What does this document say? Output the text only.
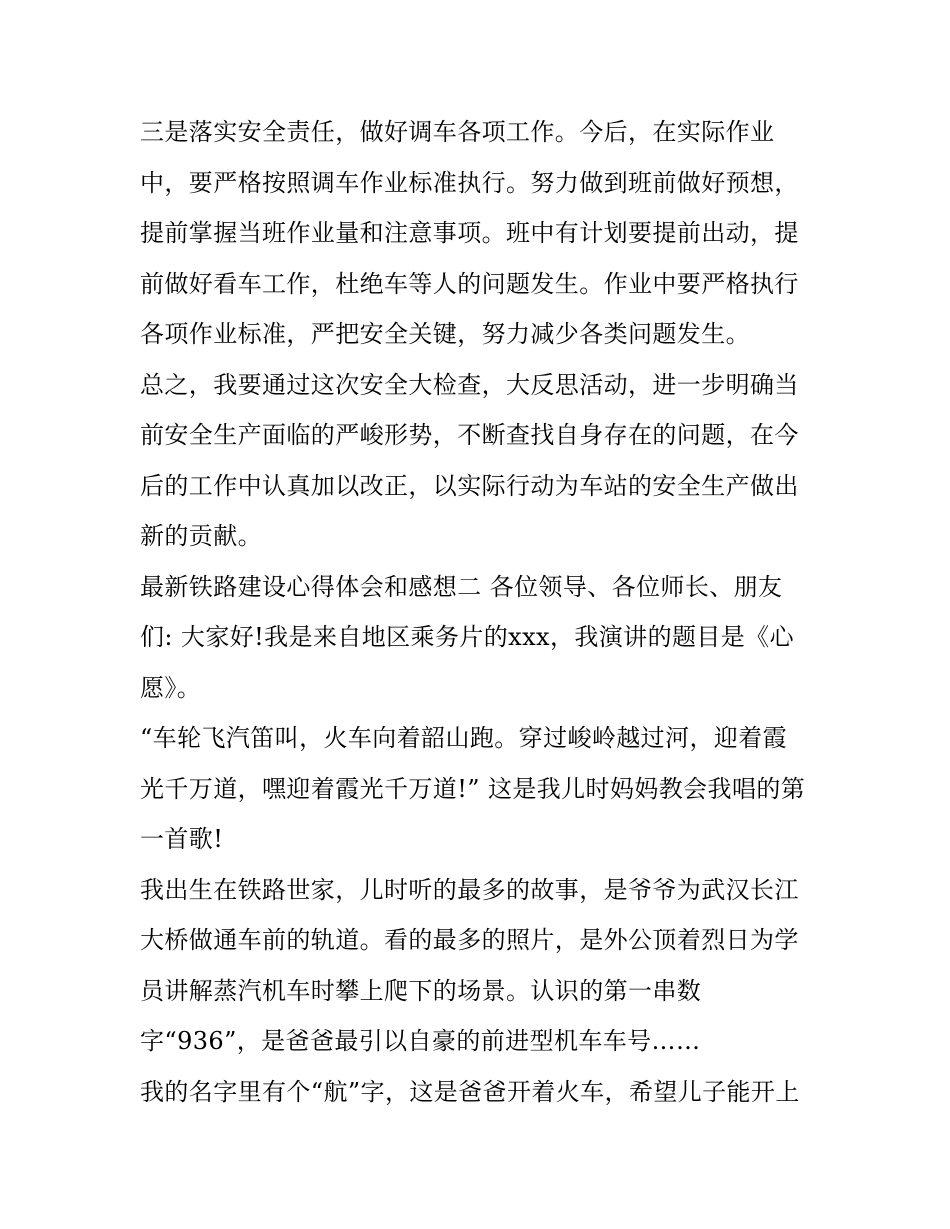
三是落实安全责任，做好调车各项工作。今后，在实际作业
中，要严格按照调车作业标准执行。努力做到班前做好预想，
提前掌握当班作业量和注意事项。班中有计划要提前出动，提
前做好看车工作，杜绝车等人的问题发生。作业中要严格执行
各项作业标准，严把安全关键，努力减少各类问题发生。
总之，我要通过这次安全大检查，大反思活动，进一步明确当
前安全生产面临的严峻形势，不断查找自身存在的问题，在今
后的工作中认真加以改正，以实际行动为车站的安全生产做出
新的贡献。
最新铁路建设心得体会和感想二 各位领导、各位师长、朋友
们: 大家好!我是来自地区乘务片的xxx，我演讲的题目是《心
愿》。
“车轮飞汽笛叫，火车向着韶山跑。穿过峻岭越过河，迎着霞
光千万道，嘿迎着霞光千万道!” 这是我儿时妈妈教会我唱的第
一首歌!
我出生在铁路世家，儿时听的最多的故事，是爷爷为武汉长江
大桥做通车前的轨道。看的最多的照片，是外公顶着烈日为学
员讲解蒸汽机车时攀上爬下的场景。认识的第一串数
字“936”，是爸爸最引以自豪的前进型机车车号……
我的名字里有个“航”字，这是爸爸开着火车，希望儿子能开上
